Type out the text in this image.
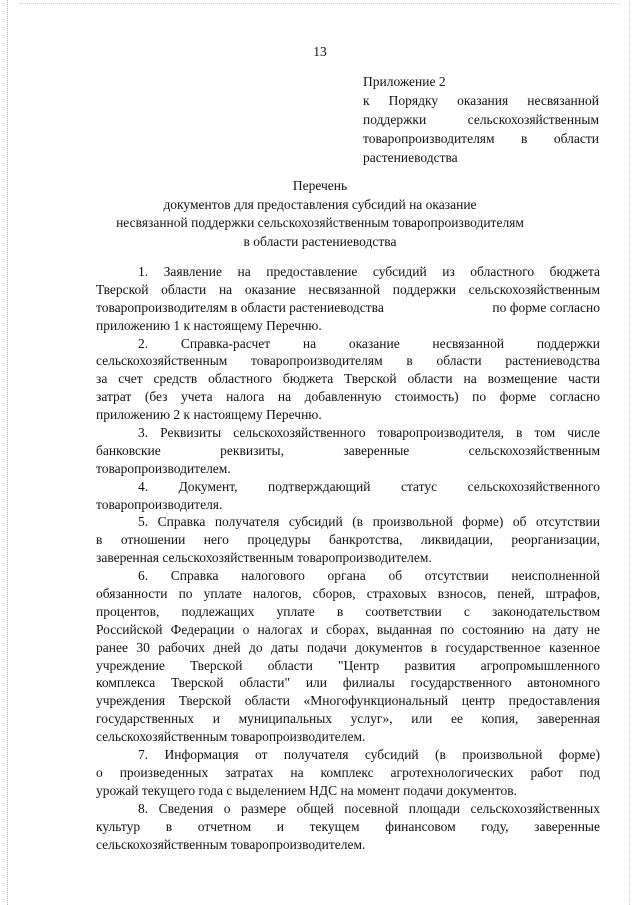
13
Приложение 2
к Порядку оказания несвязанной
поддержки сельскохозяйственным
товаропроизводителям в области
растениеводства
Перечень
документов для предоставления субсидий на оказание
несвязанной поддержки сельскохозяйственным товаропроизводителям
в области растениеводства
1. Заявление на предоставление субсидий из областного бюджета
Тверской области на оказание несвязанной поддержки сельскохозяйственным
товаропроизводителям в области растениеводства	по форме согласно
приложению 1 к настоящему Перечню.
2. Справка-расчет на оказание несвязанной поддержки
сельскохозяйственным товаропроизводителям в области растениеводства
за счет средств областного бюджета Тверской области на возмещение части
затрат (без учета налога на добавленную стоимость) по форме согласно
приложению 2 к настоящему Перечню.
3. Реквизиты сельскохозяйственного товаропроизводителя, в том числе
банковские реквизиты, заверенные сельскохозяйственным
товаропроизводителем.
4. Документ, подтверждающий статус сельскохозяйственного
товаропроизводителя.
5. Справка получателя субсидий (в произвольной форме) об отсутствии
в отношении него процедуры банкротства, ликвидации, реорганизации,
заверенная сельскохозяйственным товаропроизводителем.
6. Справка налогового органа об отсутствии неисполненной
обязанности по уплате налогов, сборов, страховых взносов, пеней, штрафов,
процентов, подлежащих уплате в соответствии с законодательством
Российской Федерации о налогах и сборах, выданная по состоянию на дату не
ранее 30 рабочих дней до даты подачи документов в государственное казенное
учреждение Тверской области "Центр развития агропромышленного
комплекса Тверской области" или филиалы государственного автономного
учреждения Тверской области «Многофункциональный центр предоставления
государственных и муниципальных услуг», или ее копия, заверенная
сельскохозяйственным товаропроизводителем.
7. Информация от получателя субсидий (в произвольной форме)
о произведенных затратах на комплекс агротехнологических работ под
урожай текущего года с выделением НДС на момент подачи документов.
8. Сведения о размере общей посевной площади сельскохозяйственных
культур в отчетном и текущем финансовом году, заверенные
сельскохозяйственным товаропроизводителем.
